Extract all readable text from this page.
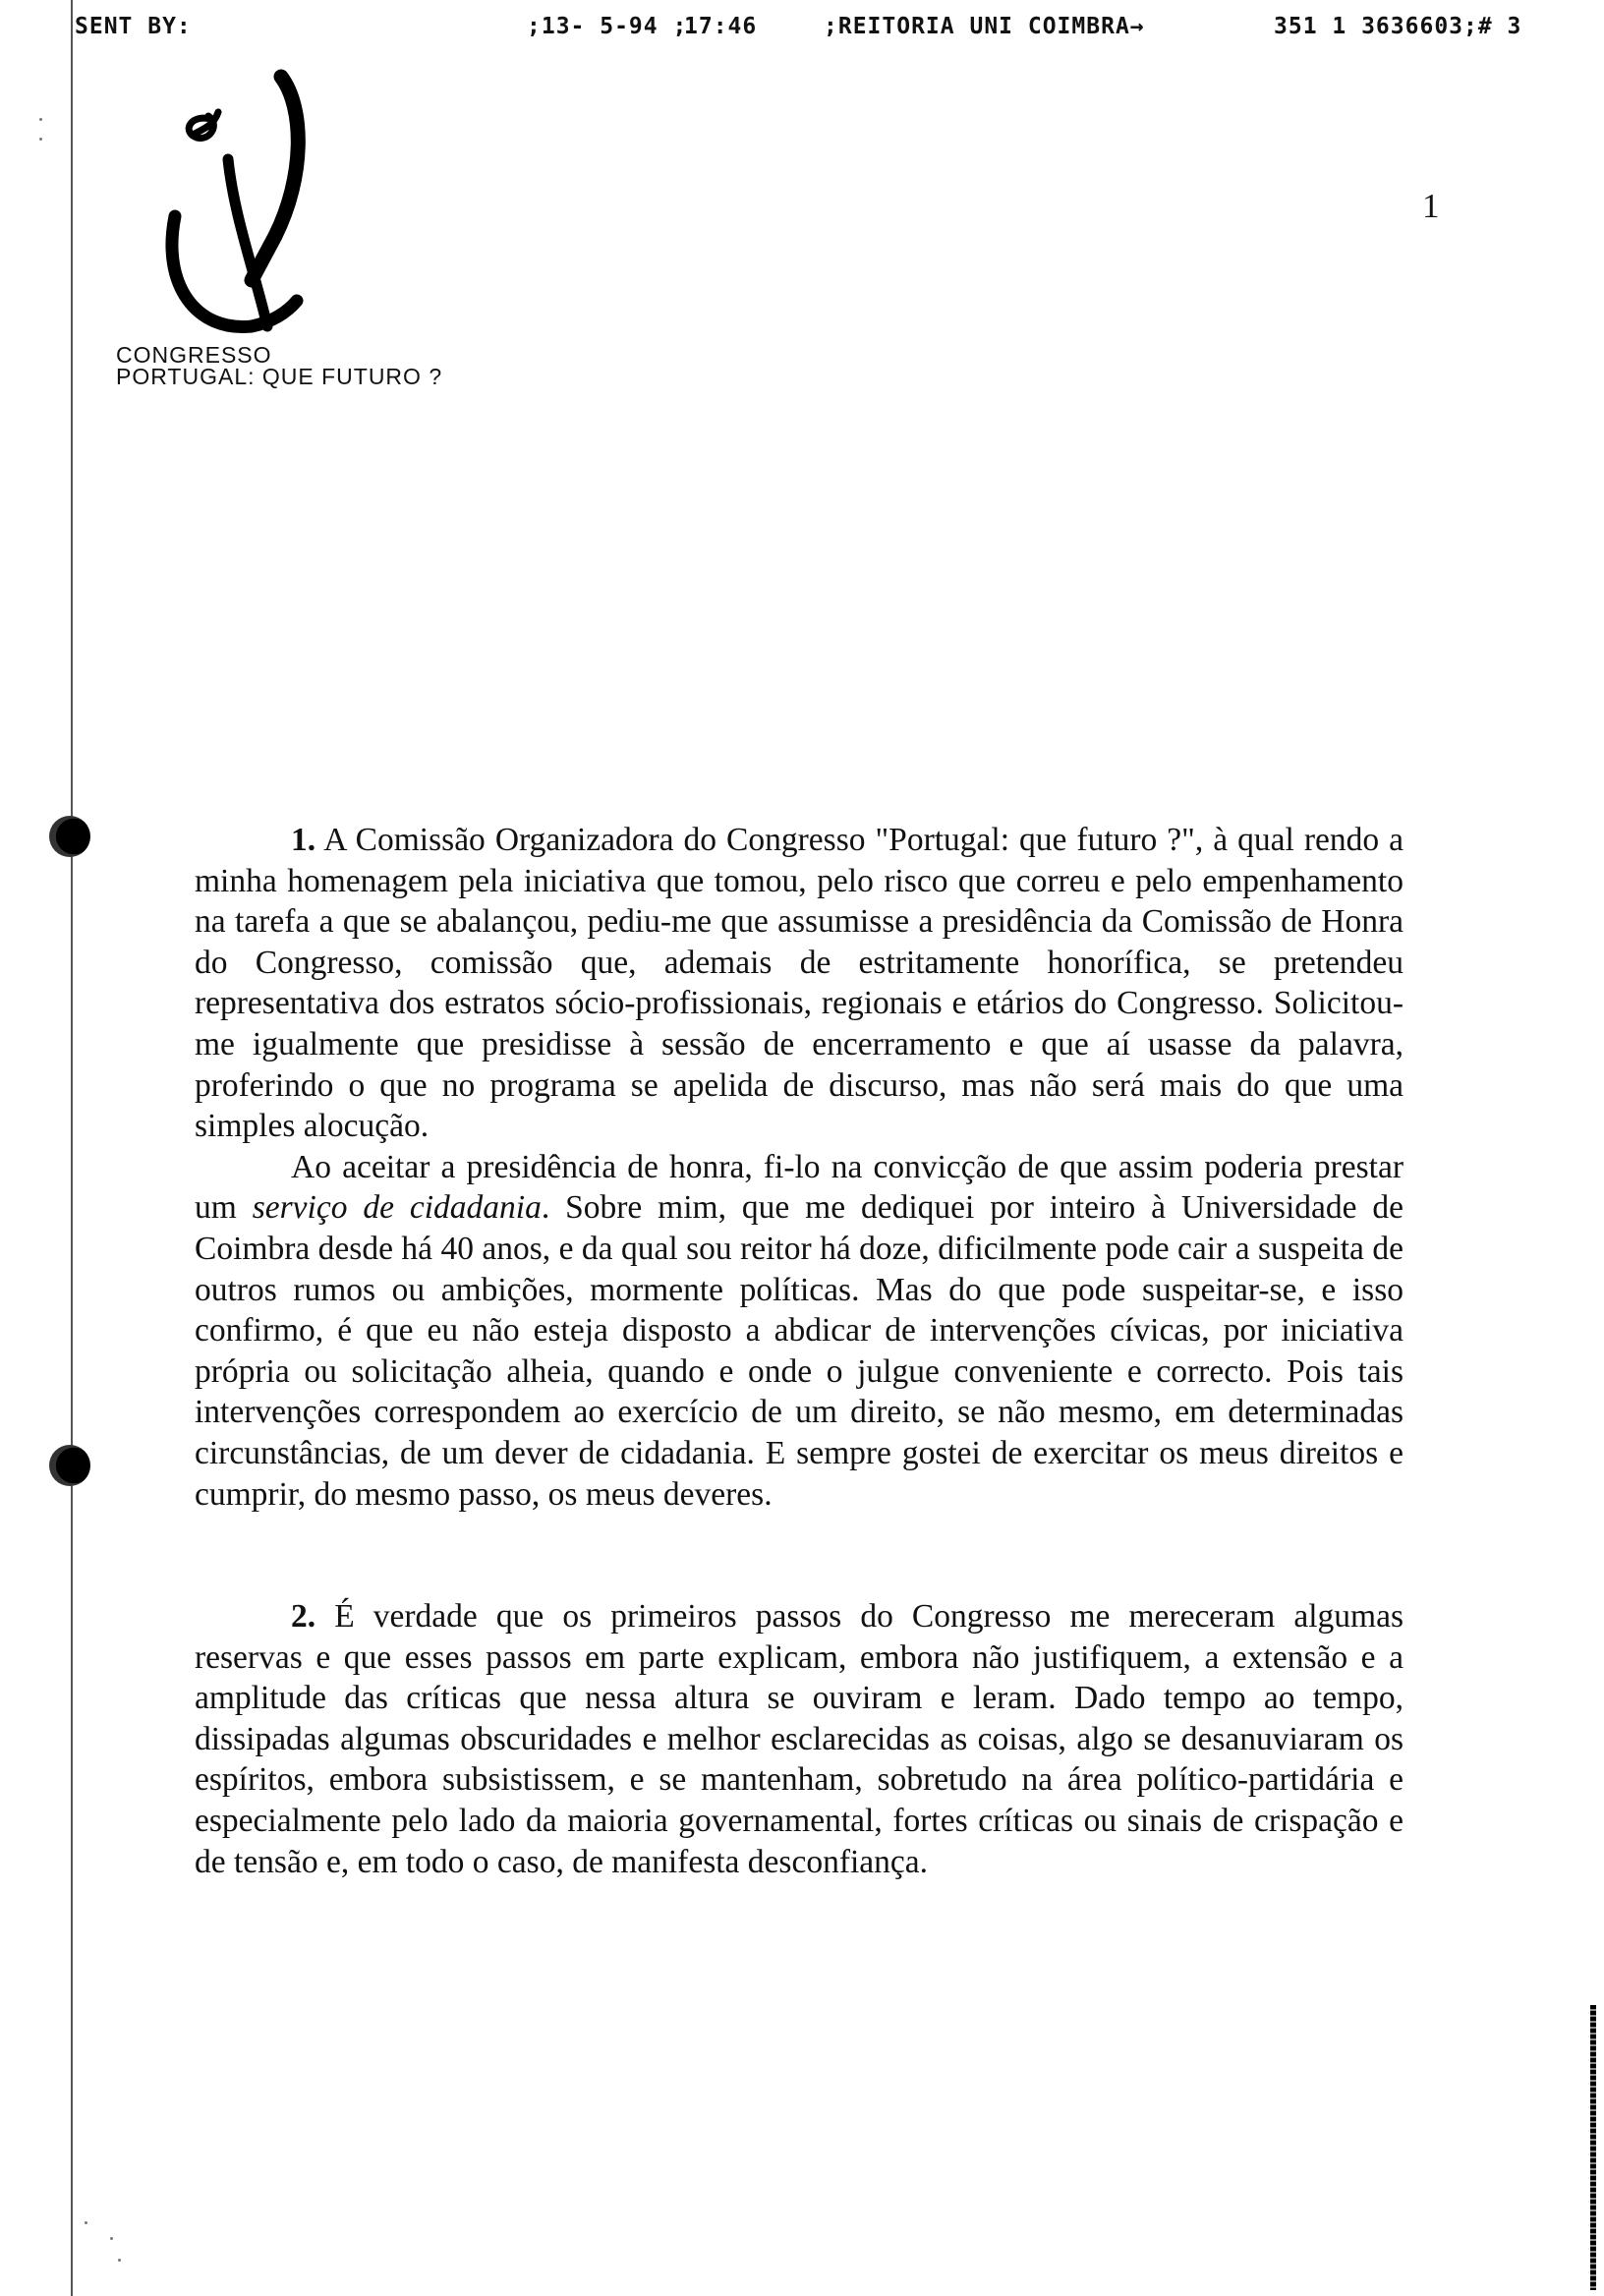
SENT BY:	;13- 5-94 ;
17:46	;REITORIA UNI COIMBRA→	351 1 3636603;# 3
CONGRESSO
PORTUGAL: QUE FUTURO ?
1

1. A Comissão Organizadora do Congresso "Portugal: que futuro ?", à qual rendo a minha homenagem pela iniciativa que tomou, pelo risco que correu e pelo empenhamento na tarefa a que se abalançou, pediu-me que assumisse a presidência da Comissão de Honra do Congresso, comissão que, ademais de estritamente honorífica, se pretendeu representativa dos estratos sócio-profissionais, regionais e etários do Congresso. Solicitou-me igualmente que presidisse à sessão de encerramento e que aí usasse da palavra, proferindo o que no programa se apelida de discurso, mas não será mais do que uma simples alocução.

Ao aceitar a presidência de honra, fi-lo na convicção de que assim poderia prestar um serviço de cidadania. Sobre mim, que me dediquei por inteiro à Universidade de Coimbra desde há 40 anos, e da qual sou reitor há doze, dificilmente pode cair a suspeita de outros rumos ou ambições, mormente políticas. Mas do que pode suspeitar-se, e isso confirmo, é que eu não esteja disposto a abdicar de intervenções cívicas, por iniciativa própria ou solicitação alheia, quando e onde o julgue conveniente e correcto. Pois tais intervenções correspondem ao exercício de um direito, se não mesmo, em determinadas circunstâncias, de um dever de cidadania. E sempre gostei de exercitar os meus direitos e cumprir, do mesmo passo, os meus deveres.

2. É verdade que os primeiros passos do Congresso me mereceram algumas reservas e que esses passos em parte explicam, embora não justifiquem, a extensão e a amplitude das críticas que nessa altura se ouviram e leram. Dado tempo ao tempo, dissipadas algumas obscuridades e melhor esclarecidas as coisas, algo se desanuviaram os espíritos, embora subsistissem, e se mantenham, sobretudo na área político-partidária e especialmente pelo lado da maioria governamental, fortes críticas ou sinais de crispação e de tensão e, em todo o caso, de manifesta desconfiança.
